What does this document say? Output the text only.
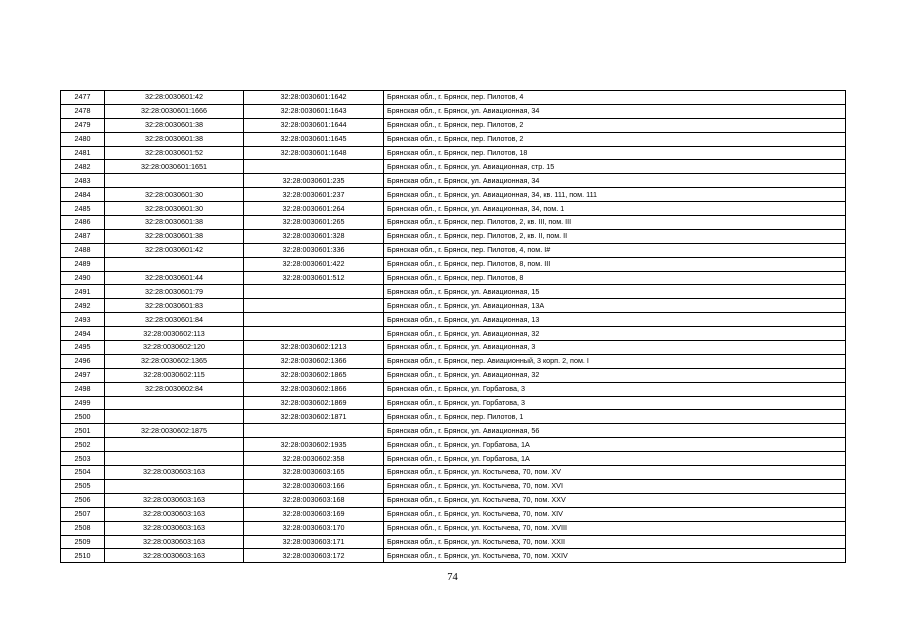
2477	32:28:0030601:42	32:28:0030601:1642	Брянская обл., г. Брянск, пер. Пилотов, 4
2478	32:28:0030601:1666	32:28:0030601:1643	Брянская обл., г. Брянск, ул. Авиационная, 34
2479	32:28:0030601:38	32:28:0030601:1644	Брянская обл., г. Брянск, пер. Пилотов, 2
2480	32:28:0030601:38	32:28:0030601:1645	Брянская обл., г. Брянск, пер. Пилотов, 2
2481	32:28:0030601:52	32:28:0030601:1648	Брянская обл., г. Брянск, пер. Пилотов, 18
2482	32:28:0030601:1651		Брянская обл., г. Брянск, ул. Авиационная, стр. 15
2483		32:28:0030601:235	Брянская обл., г. Брянск, ул. Авиационная, 34
2484	32:28:0030601:30	32:28:0030601:237	Брянская обл., г. Брянск, ул. Авиационная, 34, кв. 111, пом. 111
2485	32:28:0030601:30	32:28:0030601:264	Брянская обл., г. Брянск, ул. Авиационная, 34, пом. 1
2486	32:28:0030601:38	32:28:0030601:265	Брянская обл., г. Брянск, пер. Пилотов, 2, кв. III, пом. III
2487	32:28:0030601:38	32:28:0030601:328	Брянская обл., г. Брянск, пер. Пилотов, 2, кв. II, пом. II
2488	32:28:0030601:42	32:28:0030601:336	Брянская обл., г. Брянск, пер. Пилотов, 4, пом. I#
2489		32:28:0030601:422	Брянская обл., г. Брянск, пер. Пилотов, 8, пом. III
2490	32:28:0030601:44	32:28:0030601:512	Брянская обл., г. Брянск, пер. Пилотов, 8
2491	32:28:0030601:79		Брянская обл., г. Брянск, ул. Авиационная, 15
2492	32:28:0030601:83		Брянская обл., г. Брянск, ул. Авиационная, 13А
2493	32:28:0030601:84		Брянская обл., г. Брянск, ул. Авиационная, 13
2494	32:28:0030602:113		Брянская обл., г. Брянск, ул. Авиационная, 32
2495	32:28:0030602:120	32:28:0030602:1213	Брянская обл., г. Брянск, ул. Авиационная, 3
2496	32:28:0030602:1365	32:28:0030602:1366	Брянская обл., г. Брянск, пер. Авиационный, 3 корп. 2, пом. I
2497	32:28:0030602:115	32:28:0030602:1865	Брянская обл., г. Брянск, ул. Авиационная, 32
2498	32:28:0030602:84	32:28:0030602:1866	Брянская обл., г. Брянск, ул. Горбатова, 3
2499		32:28:0030602:1869	Брянская обл., г. Брянск, ул. Горбатова, 3
2500		32:28:0030602:1871	Брянская обл., г. Брянск, пер. Пилотов, 1
2501	32:28:0030602:1875		Брянская обл., г. Брянск, ул. Авиационная, 56
2502		32:28:0030602:1935	Брянская обл., г. Брянск, ул. Горбатова, 1А
2503		32:28:0030602:358	Брянская обл., г. Брянск, ул. Горбатова, 1А
2504	32:28:0030603:163	32:28:0030603:165	Брянская обл., г. Брянск, ул. Костычева, 70, пом. XV
2505		32:28:0030603:166	Брянская обл., г. Брянск, ул. Костычева, 70, пом. XVI
2506	32:28:0030603:163	32:28:0030603:168	Брянская обл., г. Брянск, ул. Костычева, 70, пом. XXV
2507	32:28:0030603:163	32:28:0030603:169	Брянская обл., г. Брянск, ул. Костычева, 70, пом. XIV
2508	32:28:0030603:163	32:28:0030603:170	Брянская обл., г. Брянск, ул. Костычева, 70, пом. XVIII
2509	32:28:0030603:163	32:28:0030603:171	Брянская обл., г. Брянск, ул. Костычева, 70, пом. XXII
2510	32:28:0030603:163	32:28:0030603:172	Брянская обл., г. Брянск, ул. Костычева, 70, пом. XXIV
74
